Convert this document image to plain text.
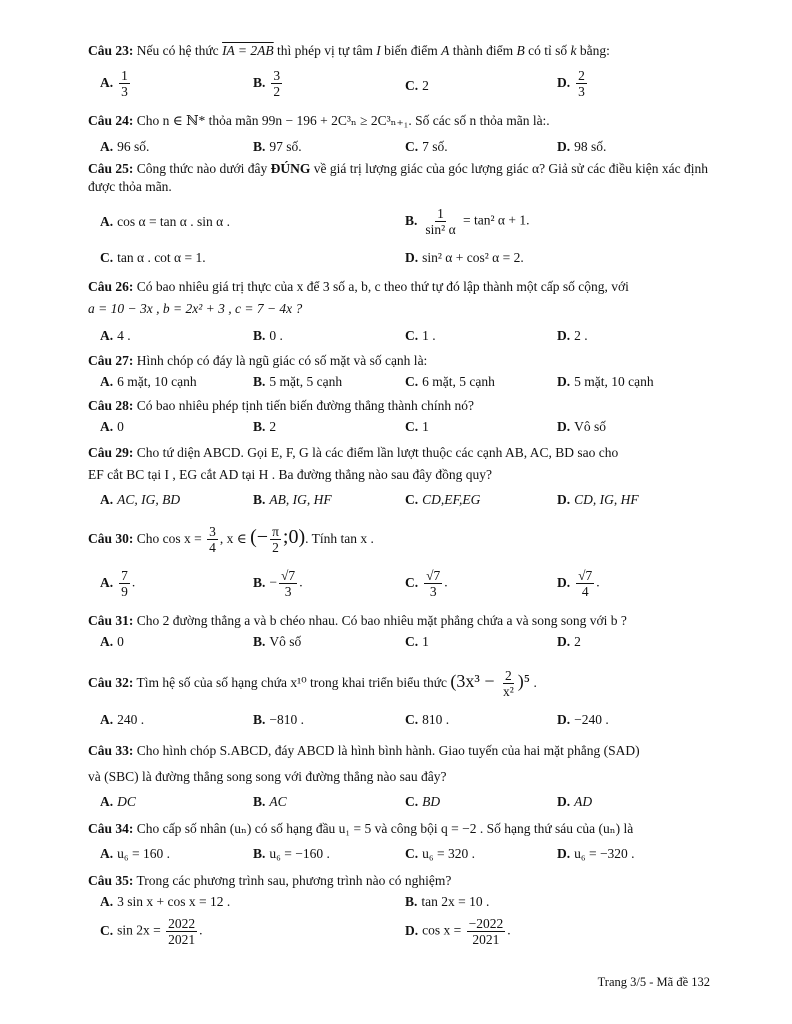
Câu 23: Nếu có hệ thức IA = 2AB thì phép vị tự tâm I biến điểm A thành điểm B có tỉ số k bằng:
A. $\frac{1}{3}$	B. $\frac{3}{2}$	C. 2	D. $\frac{2}{3}$
Câu 24: Cho n ∈ ℕ* thỏa mãn 99n − 196 + 2C³ₙ ≥ 2C³ₙ₊₁. Số các số n thỏa mãn là:.
A. 96 số.	B. 97 số.	C. 7 số.	D. 98 số.
Câu 25: Công thức nào dưới đây ĐÚNG về giá trị lượng giác của góc lượng giác α? Giả sử các điều kiện xác định được thỏa mãn.
A. cos α = tan α . sin α .	B. $\frac{1}{\text{sin² α}} = \tan^2$ α + 1.
C. tan α . cot α = 1.	D. sin² α + cos² α = 2.
Câu 26: Có bao nhiêu giá trị thực của x để 3 số a, b, c theo thứ tự đó lập thành một cấp số cộng, với
a = 10 − 3x , b = 2x² + 3 , c = 7 − 4x ?
A. 4 .	B. 0 .	C. 1 .	D. 2 .
Câu 27: Hình chóp có đáy là ngũ giác có số mặt và số cạnh là:
A. 6 mặt, 10 cạnh	B. 5 mặt, 5 cạnh	C. 6 mặt, 5 cạnh	D. 5 mặt, 10 cạnh
Câu 28: Có bao nhiêu phép tịnh tiến biến đường thẳng thành chính nó?
A. 0	B. 2	C. 1	D. Vô số
Câu 29: Cho tứ diện ABCD. Gọi E, F, G là các điểm lần lượt thuộc các cạnh AB, AC, BD sao cho
EF cắt BC tại I , EG cắt AD tại H . Ba đường thẳng nào sau đây đồng quy?
A. AC, IG, BD	B. AB, IG, HF	C. CD,EF,EG	D. CD, IG, HF
Câu 30: Cho $\cos x = \frac{3}{4}$ , x ∈ (− $\frac{\pi}{2}$ ;0). Tính tan x .
A. $\frac{7}{9}$ .	B. − $\frac{√7}{3}$ .	C. $\frac{√7}{3}$ .	D. $\frac{√7}{4}$ .
Câu 31: Cho 2 đường thẳng a và b chéo nhau. Có bao nhiêu mặt phẳng chứa a và song song với b ?
A. 0	B. Vô số	C. 1	D. 2
Câu 32: Tìm hệ số của số hạng chứa x¹⁰ trong khai triển biểu thức $(3x^3 - \frac{2}{\text{x²}} )^5$ .
A. 240 .	B. −810 .	C. 810 .	D. −240 .
Câu 33: Cho hình chóp S.ABCD, đáy ABCD là hình bình hành. Giao tuyến của hai mặt phẳng (SAD)
và (SBC) là đường thẳng song song với đường thẳng nào sau đây?
A. DC	B. AC	C. BD	D. AD
Câu 34: Cho cấp số nhân (uₙ) có số hạng đầu u₁ = 5 và công bội q = −2 . Số hạng thứ sáu của (uₙ) là
A. u₆ = 160 .	B. u₆ = −160 .	C. u₆ = 320 .	D. u₆ = −320 .
Câu 35: Trong các phương trình sau, phương trình nào có nghiệm?
A. 3 sin x + cos x = 12 .	B. tan 2x = 10 .
C. $\sin 2x = \frac{2022}{2021}$ .	D. $\cos x = \frac{-2022}{2021}$ .
Trang 3/5 - Mã đề 132
